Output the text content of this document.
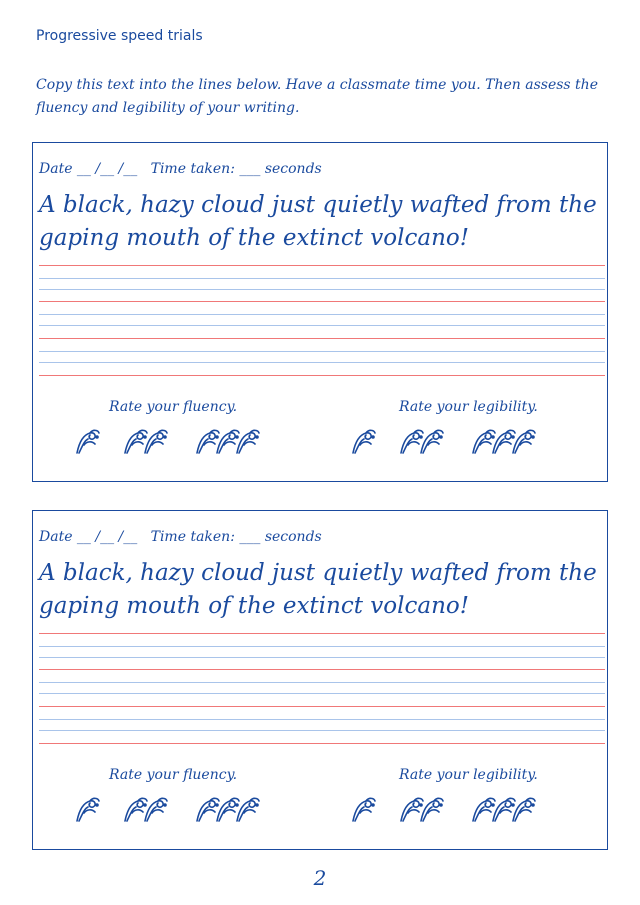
Progressive speed trials
Copy this text into the lines below. Have a classmate time you. Then assess the fluency and legibility of your writing.
Date __ /__ /__   Time taken: ___ seconds
A black, hazy cloud just quietly wafted from the gaping mouth of the extinct volcano!
Rate your fluency.	Rate your legibility.
Date __ /__ /__   Time taken: ___ seconds
A black, hazy cloud just quietly wafted from the gaping mouth of the extinct volcano!
Rate your fluency.	Rate your legibility.
2
